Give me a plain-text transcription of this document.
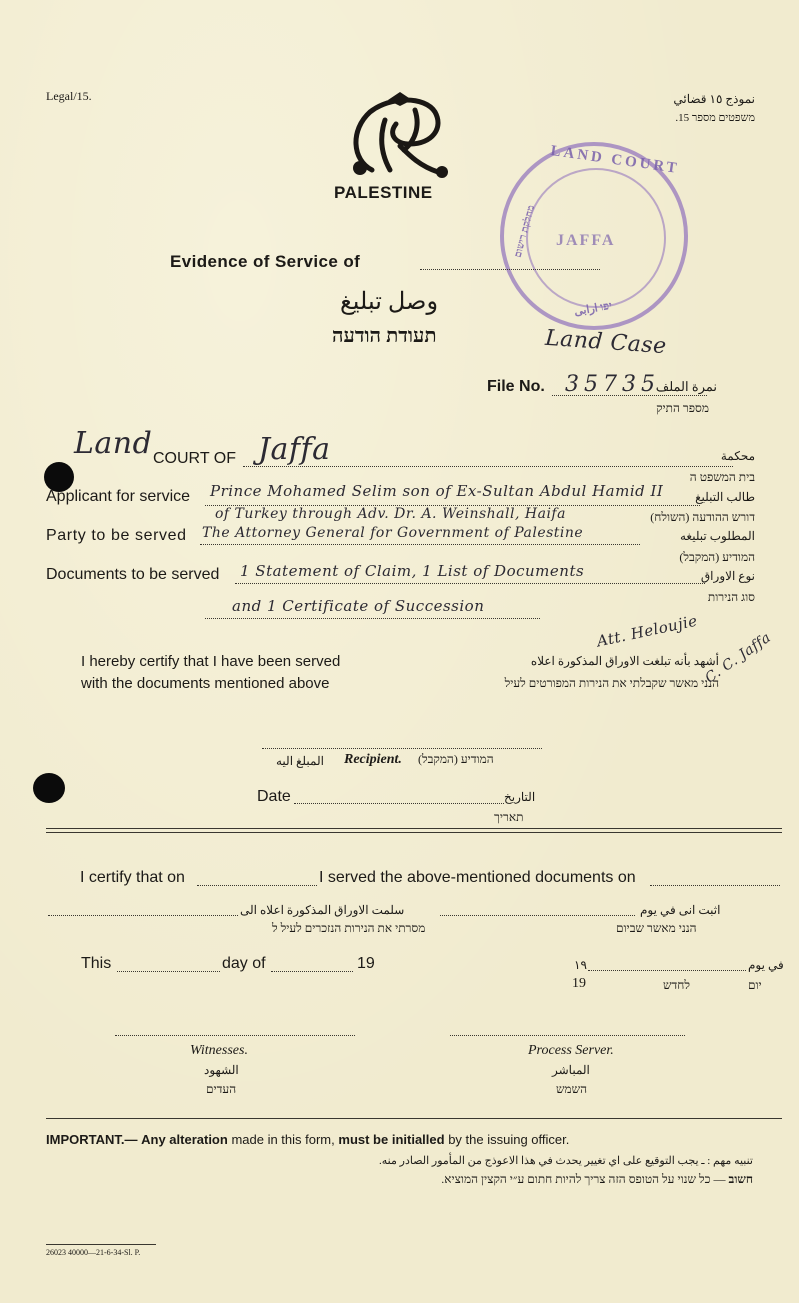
Legal/15.	نموذج ١٥ قضائي
משפטים מספר 15.
PALESTINE
LAND COURT
JAFFA
מחלקת רישום
יפו ارابی
Evidence of Service of
وصل تبليغ
תעודת הודעה	Land Case
File No. 35735
نمرة الملف
מספר התיק
Land COURT OF Jaffa	محكمة
בית המשפט ה
Applicant for service Prince Mohamed Selim son of Ex-Sultan Abdul Hamid II	طالب التبليغ
of Turkey through Adv. Dr. A. Weinshall, Haifa	דורש ההודעה (השולח)
Party to be served The Attorney General for Government of Palestine	المطلوب تبليغه
המודיע (המקבל)
Documents to be served 1 Statement of Claim, 1 List of Documents	نوع الاوراق
סוג הנירות
and 1 Certificate of Succession
I hereby certify that I have been served
with the documents mentioned above
أشهد بأنه تبلغت الاوراق المذكورة اعلاه
הנני מאשר שקבלתי את הנירות המפורטים לעיל
Att. Heloujie C. C. Jaffa
المبلغ اليه Recipient. המודיע (המקבל)
Date	التاريخ
תאריך
I certify that on	I served the above-mentioned documents on
سلمت الاوراق المذكورة اعلاه الى	اثبت انى في يوم
מסרתי את הנירות הנזכרים לעיל ל	הנני מאשר שביום
This	day of	19	في يوم
١٩
19	לחדש	יום
Witnesses.
الشهود
העדים
Process Server.
المباشر
השמש
IMPORTANT.— Any alteration made in this form, must be initialled by the issuing officer.
تنبيه مهم : ـ يجب التوقيع على اي تغيير يحدث في هذا الاعوذج من المأمور الصادر منه.
חשוב — כל שנוי על הטופס הזה צריך להיות חתום ע״י הקצין המוציא.
26023 40000—21-6-34-Sl. P.
